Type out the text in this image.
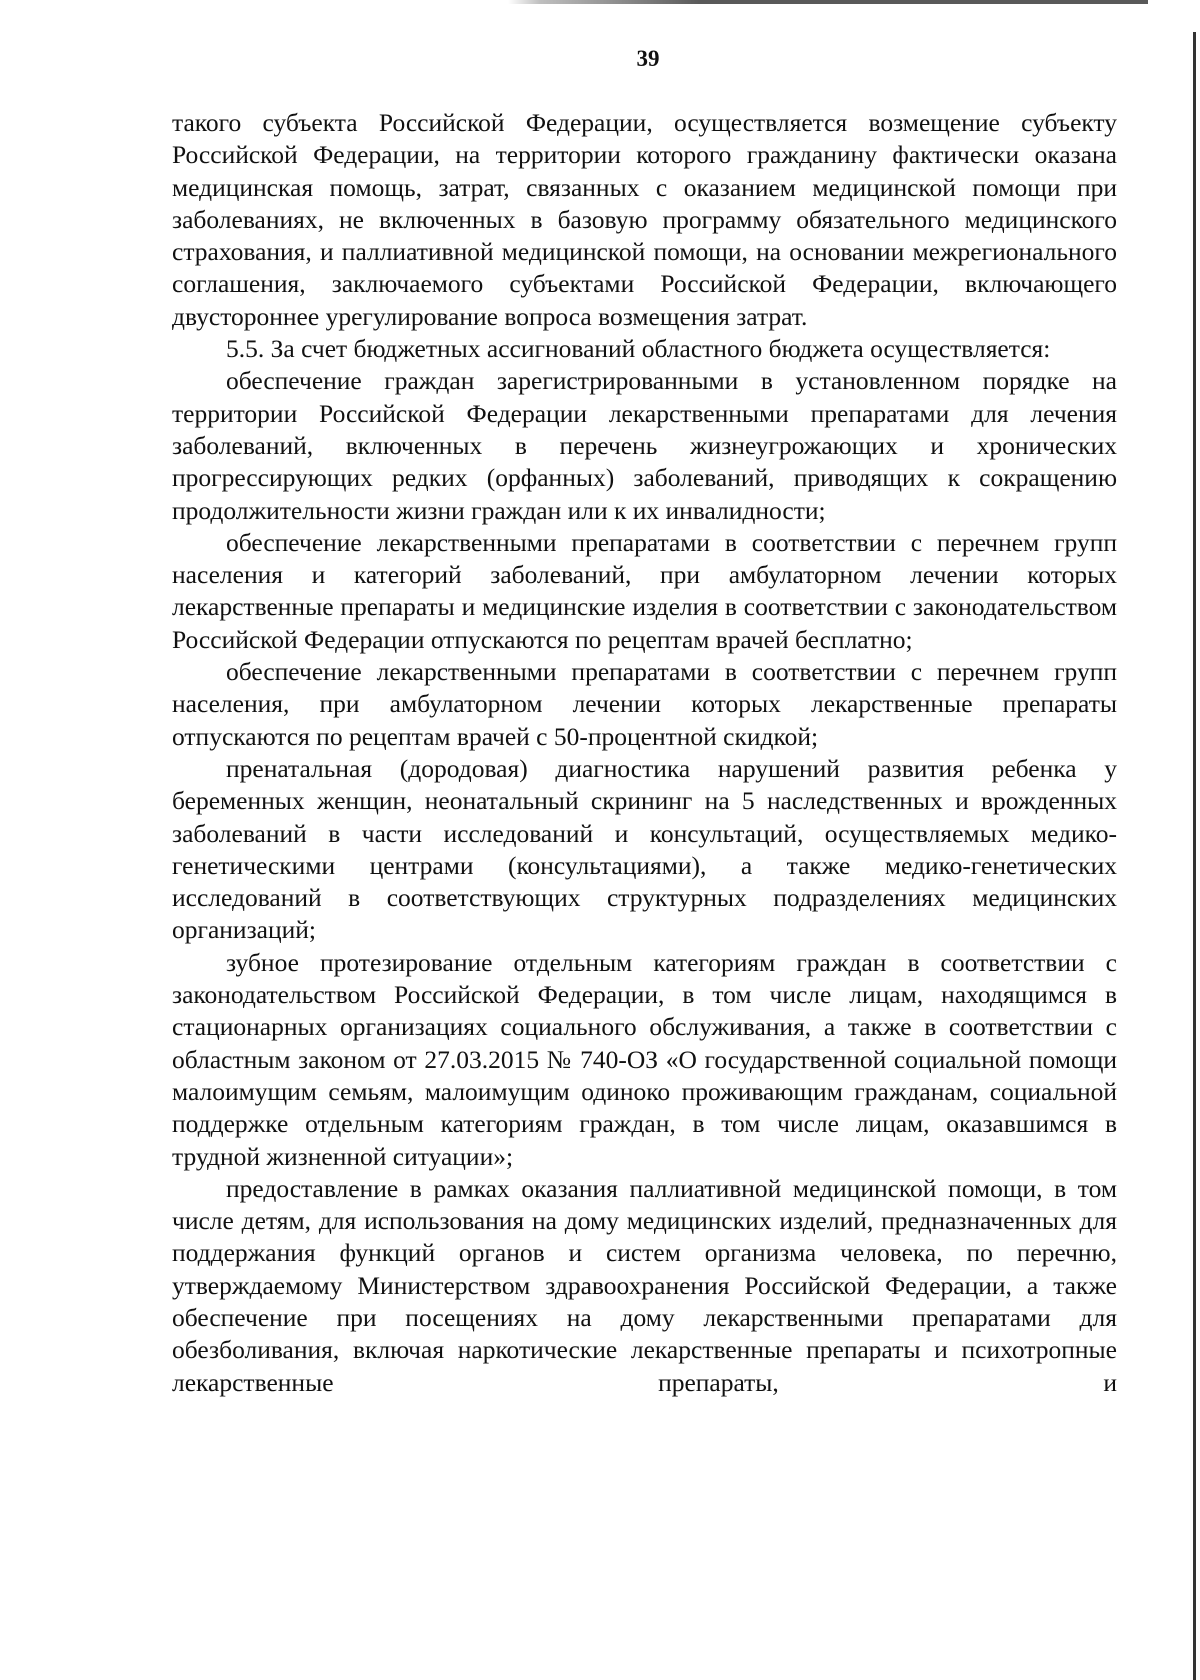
39

такого субъекта Российской Федерации, осуществляется возмещение субъекту Российской Федерации, на территории которого гражданину фактически оказана медицинская помощь, затрат, связанных с оказанием медицинской помощи при заболеваниях, не включенных в базовую программу обязательного медицинского страхования, и паллиативной медицинской помощи, на основании межрегионального соглашения, заключаемого субъектами Российской Федерации, включающего двустороннее урегулирование вопроса возмещения затрат.

5.5. За счет бюджетных ассигнований областного бюджета осуществляется:

обеспечение граждан зарегистрированными в установленном порядке на территории Российской Федерации лекарственными препаратами для лечения заболеваний, включенных в перечень жизнеугрожающих и хронических прогрессирующих редких (орфанных) заболеваний, приводящих к сокращению продолжительности жизни граждан или к их инвалидности;

обеспечение лекарственными препаратами в соответствии с перечнем групп населения и категорий заболеваний, при амбулаторном лечении которых лекарственные препараты и медицинские изделия в соответствии с законодательством Российской Федерации отпускаются по рецептам врачей бесплатно;

обеспечение лекарственными препаратами в соответствии с перечнем групп населения, при амбулаторном лечении которых лекарственные препараты отпускаются по рецептам врачей с 50-процентной скидкой;

пренатальная (дородовая) диагностика нарушений развития ребенка у беременных женщин, неонатальный скрининг на 5 наследственных и врожденных заболеваний в части исследований и консультаций, осуществляемых медико-генетическими центрами (консультациями), а также медико-генетических исследований в соответствующих структурных подразделениях медицинских организаций;

зубное протезирование отдельным категориям граждан в соответствии с законодательством Российской Федерации, в том числе лицам, находящимся в стационарных организациях социального обслуживания, а также в соответствии с областным законом от 27.03.2015 № 740-ОЗ «О государственной социальной помощи малоимущим семьям, малоимущим одиноко проживающим гражданам, социальной поддержке отдельным категориям граждан, в том числе лицам, оказавшимся в трудной жизненной ситуации»;

предоставление в рамках оказания паллиативной медицинской помощи, в том числе детям, для использования на дому медицинских изделий, предназначенных для поддержания функций органов и систем организма человека, по перечню, утверждаемому Министерством здравоохранения Российской Федерации, а также обеспечение при посещениях на дому лекарственными препаратами для обезболивания, включая наркотические лекарственные препараты и психотропные лекарственные препараты, и
